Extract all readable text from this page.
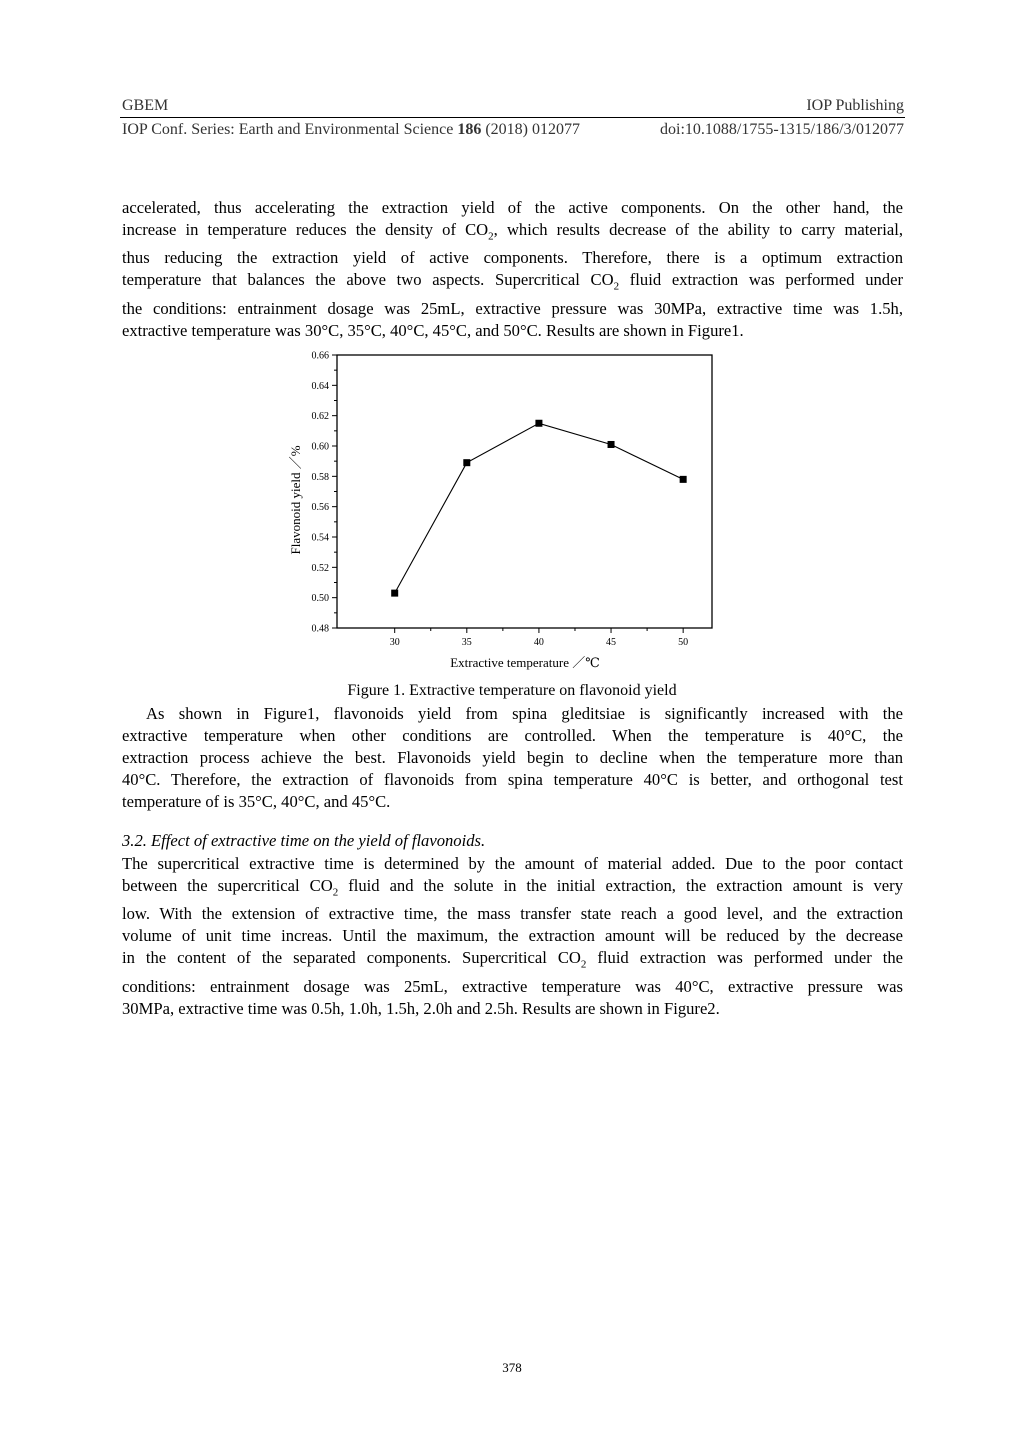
GBEM	IOP Publishing
IOP Conf. Series: Earth and Environmental Science 186 (2018) 012077	doi:10.1088/1755-1315/186/3/012077
accelerated, thus accelerating the extraction yield of the active components. On the other hand, the
increase in temperature reduces the density of $CO_2$, which results decrease of the ability to carry material,
thus reducing the extraction yield of active components. Therefore, there is a optimum extraction
temperature that balances the above two aspects. Supercritical $CO_2$ fluid extraction was performed under
the conditions: entrainment dosage was 25mL, extractive pressure was 30MPa, extractive time was 1.5h,
extractive temperature was 30°C, 35°C, 40°C, 45°C, and 50°C. Results are shown in Figure1.
0.48
0.50
0.52
0.54
0.56
0.58
0.60
0.62
0.64
0.66
30	35	40	45	50
Extractive temperature ／℃
Flavonoid yield ／%
Figure 1. Extractive temperature on flavonoid yield
As shown in Figure1, flavonoids yield from spina gleditsiae is significantly increased with the
extractive temperature when other conditions are controlled. When the temperature is 40°C, the
extraction process achieve the best. Flavonoids yield begin to decline when the temperature more than
40°C. Therefore, the extraction of flavonoids from spina temperature 40°C is better, and orthogonal test
temperature of is 35°C, 40°C, and 45°C.
3.2. Effect of extractive time on the yield of flavonoids.
The supercritical extractive time is determined by the amount of material added. Due to the poor contact
between the supercritical $CO_2$ fluid and the solute in the initial extraction, the extraction amount is very
low. With the extension of extractive time, the mass transfer state reach a good level, and the extraction
volume of unit time increas. Until the maximum, the extraction amount will be reduced by the decrease
in the content of the separated components. Supercritical $CO_2$ fluid extraction was performed under the
conditions: entrainment dosage was 25mL, extractive temperature was 40°C, extractive pressure was
30MPa, extractive time was 0.5h, 1.0h, 1.5h, 2.0h and 2.5h. Results are shown in Figure2.
378
